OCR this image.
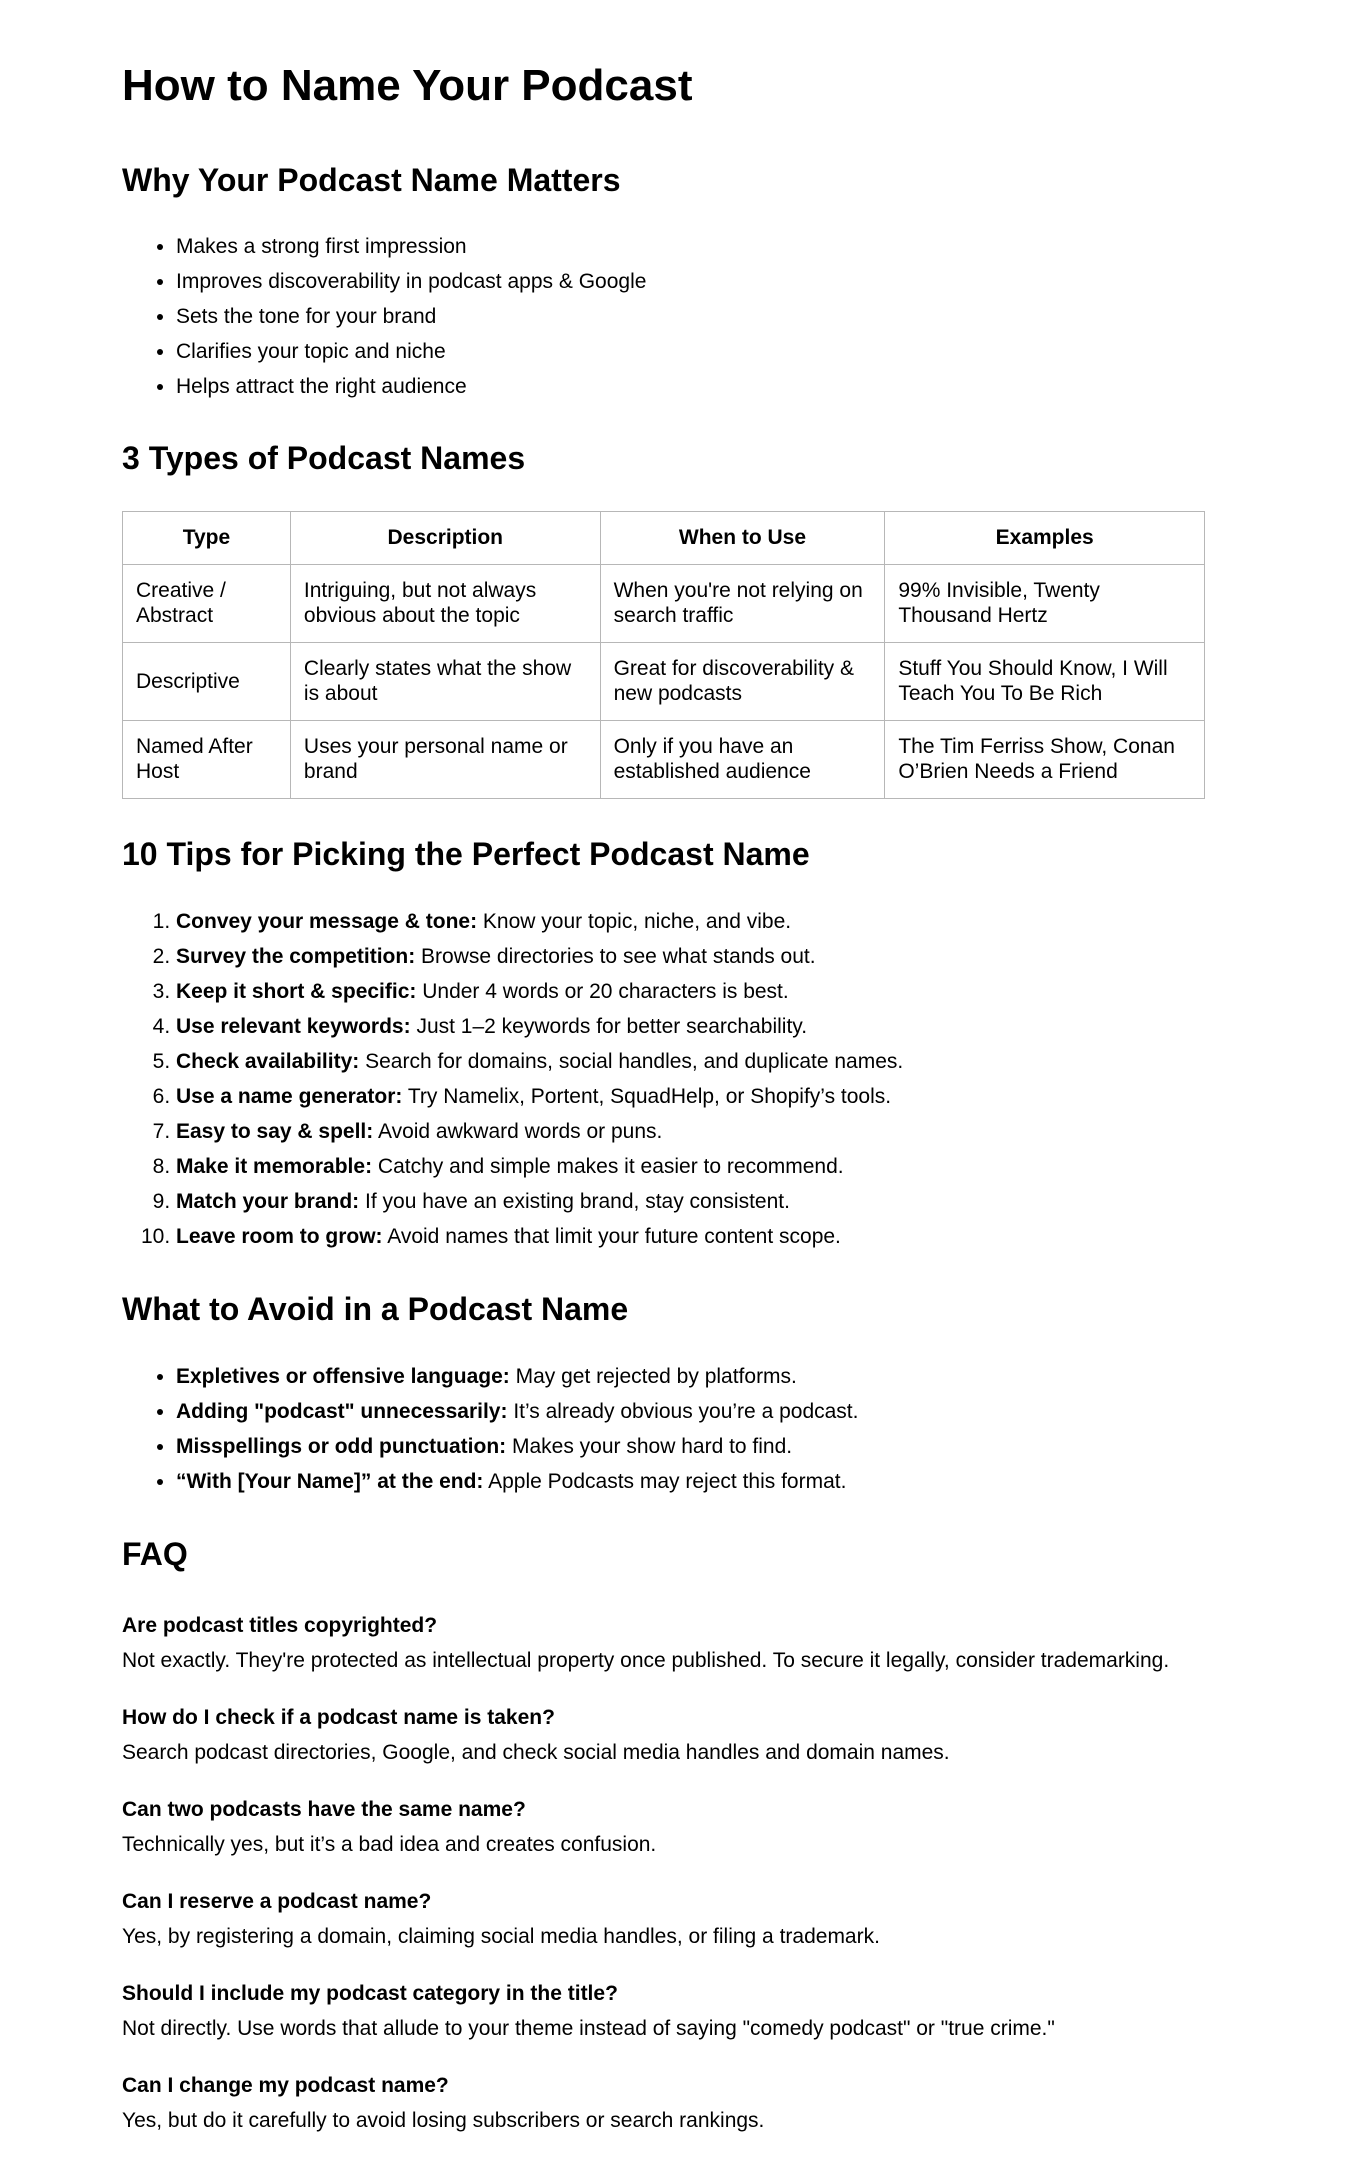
How to Name Your Podcast
Why Your Podcast Name Matters
• Makes a strong first impression
• Improves discoverability in podcast apps & Google
• Sets the tone for your brand
• Clarifies your topic and niche
• Helps attract the right audience
3 Types of Podcast Names
Type	Description	When to Use	Examples
Creative / Abstract	Intriguing, but not always obvious about the topic	When you're not relying on search traffic	99% Invisible, Twenty Thousand Hertz
Descriptive	Clearly states what the show is about	Great for discoverability & new podcasts	Stuff You Should Know, I Will Teach You To Be Rich
Named After Host	Uses your personal name or brand	Only if you have an established audience	The Tim Ferriss Show, Conan O’Brien Needs a Friend
10 Tips for Picking the Perfect Podcast Name
1. Convey your message & tone: Know your topic, niche, and vibe.
2. Survey the competition: Browse directories to see what stands out.
3. Keep it short & specific: Under 4 words or 20 characters is best.
4. Use relevant keywords: Just 1–2 keywords for better searchability.
5. Check availability: Search for domains, social handles, and duplicate names.
6. Use a name generator: Try Namelix, Portent, SquadHelp, or Shopify’s tools.
7. Easy to say & spell: Avoid awkward words or puns.
8. Make it memorable: Catchy and simple makes it easier to recommend.
9. Match your brand: If you have an existing brand, stay consistent.
10. Leave room to grow: Avoid names that limit your future content scope.
What to Avoid in a Podcast Name
• Expletives or offensive language: May get rejected by platforms.
• Adding "podcast" unnecessarily: It’s already obvious you’re a podcast.
• Misspellings or odd punctuation: Makes your show hard to find.
• “With [Your Name]” at the end: Apple Podcasts may reject this format.
FAQ
Are podcast titles copyrighted?
Not exactly. They're protected as intellectual property once published. To secure it legally, consider trademarking.
How do I check if a podcast name is taken?
Search podcast directories, Google, and check social media handles and domain names.
Can two podcasts have the same name?
Technically yes, but it’s a bad idea and creates confusion.
Can I reserve a podcast name?
Yes, by registering a domain, claiming social media handles, or filing a trademark.
Should I include my podcast category in the title?
Not directly. Use words that allude to your theme instead of saying "comedy podcast" or "true crime."
Can I change my podcast name?
Yes, but do it carefully to avoid losing subscribers or search rankings.
